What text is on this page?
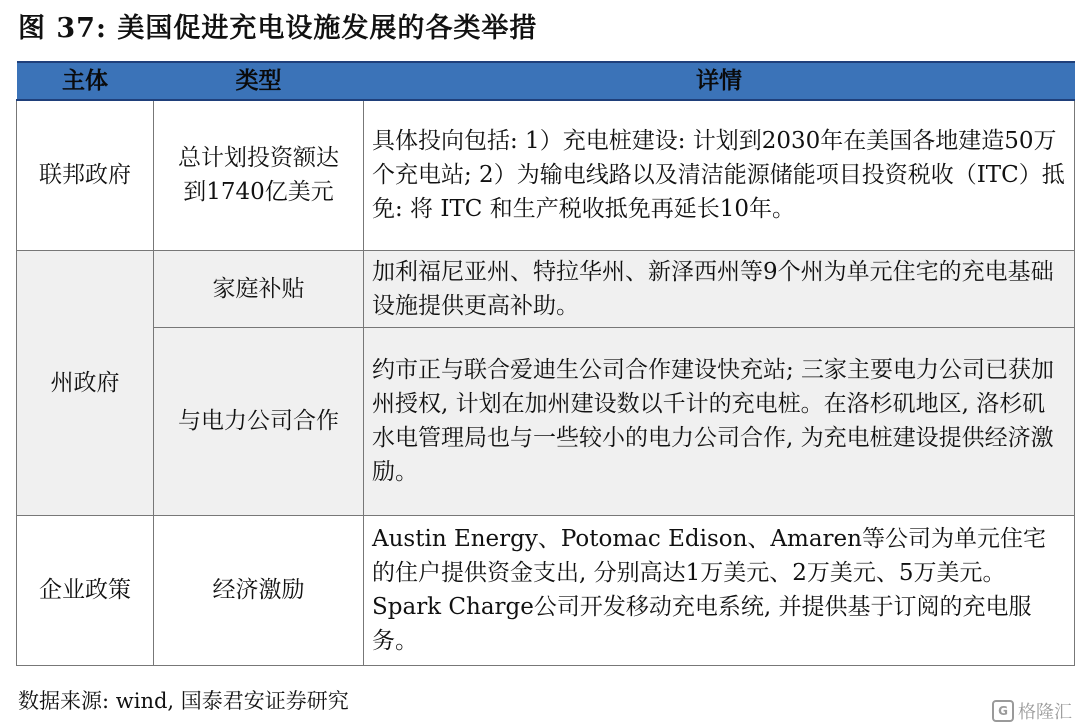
图 37: 美国促进充电设施发展的各类举措
主体	类型	详情
联邦政府	总计划投资额达到1740亿美元	具体投向包括: 1）充电桩建设: 计划到2030年在美国各地建造50万个充电站; 2）为输电线路以及清洁能源储能项目投资税收（ITC）抵免: 将 ITC 和生产税收抵免再延长10年。
州政府	家庭补贴	加利福尼亚州、特拉华州、新泽西州等9个州为单元住宅的充电基础设施提供更高补助。
	与电力公司合作	约市正与联合爱迪生公司合作建设快充站; 三家主要电力公司已获加州授权, 计划在加州建设数以千计的充电桩。在洛杉矶地区, 洛杉矶水电管理局也与一些较小的电力公司合作, 为充电桩建设提供经济激励。
企业政策	经济激励	Austin Energy、Potomac Edison、Amaren等公司为单元住宅的住户提供资金支出, 分别高达1万美元、2万美元、5万美元。Spark Charge公司开发移动充电系统, 并提供基于订阅的充电服务。
数据来源: wind, 国泰君安证券研究	G 格隆汇
